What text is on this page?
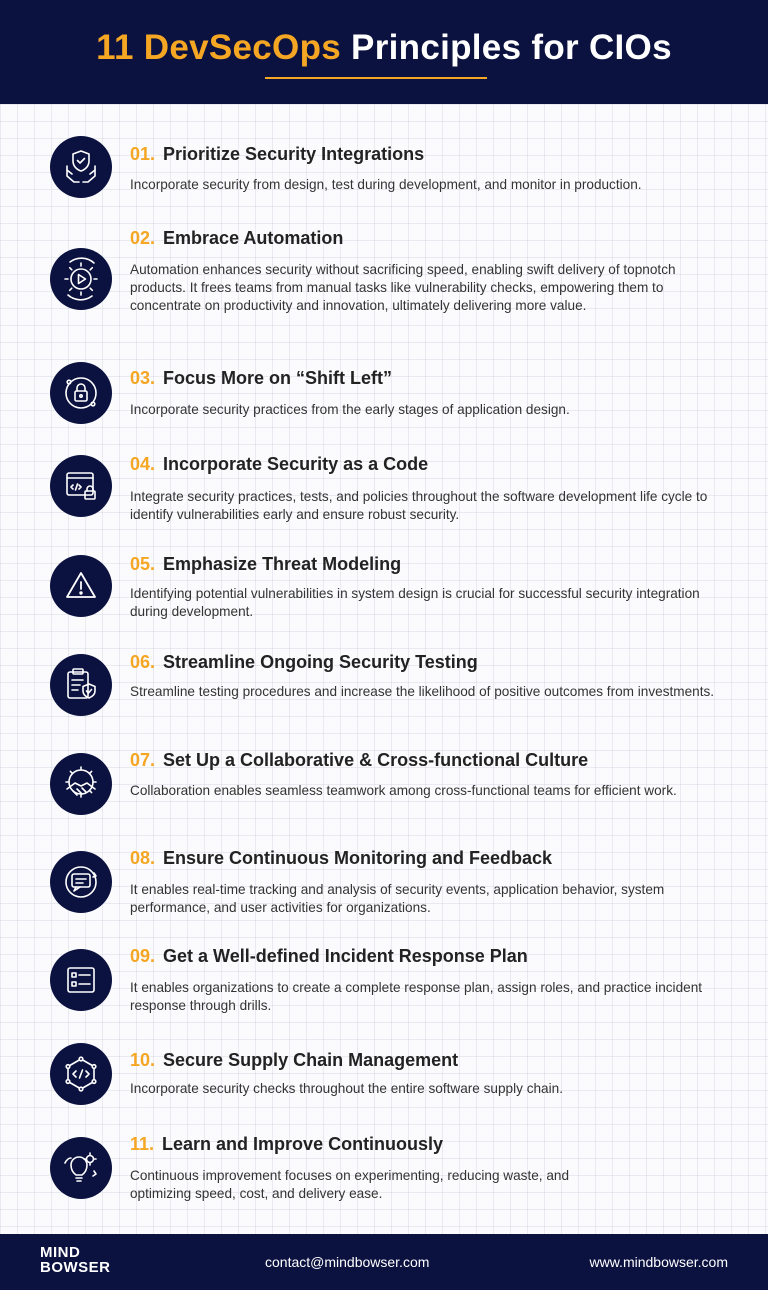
11 DevSecOps Principles for CIOs
01. Prioritize Security Integrations
Incorporate security from design, test during development, and monitor in production.
02. Embrace Automation
Automation enhances security without sacrificing speed, enabling swift delivery of topnotch products. It frees teams from manual tasks like vulnerability checks, empowering them to concentrate on productivity and innovation, ultimately delivering more value.
03. Focus More on “Shift Left”
Incorporate security practices from the early stages of application design.
04. Incorporate Security as a Code
Integrate security practices, tests, and policies throughout the software development life cycle to identify vulnerabilities early and ensure robust security.
05. Emphasize Threat Modeling
Identifying potential vulnerabilities in system design is crucial for successful security integration during development.
06. Streamline Ongoing Security Testing
Streamline testing procedures and increase the likelihood of positive outcomes from investments.
07. Set Up a Collaborative & Cross-functional Culture
Collaboration enables seamless teamwork among cross-functional teams for efficient work.
08. Ensure Continuous Monitoring and Feedback
It enables real-time tracking and analysis of security events, application behavior, system performance, and user activities for organizations.
09. Get a Well-defined Incident Response Plan
It enables organizations to create a complete response plan, assign roles, and practice incident response through drills.
10. Secure Supply Chain Management
Incorporate security checks throughout the entire software supply chain.
11. Learn and Improve Continuously
Continuous improvement focuses on experimenting, reducing waste, and optimizing speed, cost, and delivery ease.
MIND
BOWSER	contact@mindbowser.com	www.mindbowser.com
